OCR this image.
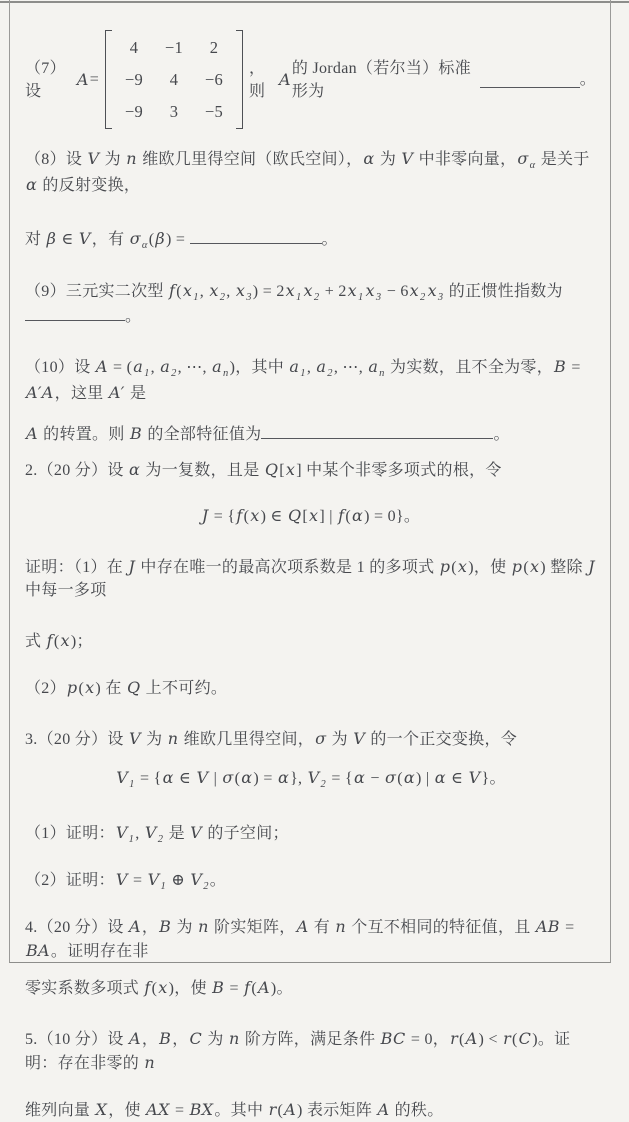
（7）设
A =
4	−1	2
−9	4	−6
−9	3	−5
，则
A
的 Jordan（若尔当）标准形为
。

（8）设 V 为 n 维欧几里得空间（欧氏空间），α 为 V 中非零向量，$\sigma_\alpha$ 是关于 α 的反射变换，

对 β ∈ V，有 $\sigma_\alpha(\beta)$ =	。

（9）三元实二次型 $f(x_1$, $x_2$, $x_3) = 2x_1$ $x_2 + 2x_1$ $x_3 - 6x_2$ $x_3$ 的正惯性指数为。

（10）设 $A = (a_1$, $a_2$, ⋯, $a_n$)，其中 $a_1$, $a_2$, ⋯, $a_n$ 为实数，且不全为零，B = A′A，这里 A′ 是

A 的转置。则 B 的全部特征值为	。

2.（20 分）设 α 为一复数，且是 Q[x] 中某个非零多项式的根，令

J = {f(x) ∈ Q[x] | f(α) = 0}。

证明：（1）在 J 中存在唯一的最高次项系数是 1 的多项式 p(x)，使 p(x) 整除 J 中每一多项

式 f(x)；

（2）p(x) 在 Q 上不可约。

3.（20 分）设 V 为 n 维欧几里得空间，σ 为 V 的一个正交变换，令

$V_1 = \{\alpha$ ∈ V | σ(α) = α}, $V_2 = \{\alpha - \sigma(\alpha)$ | α ∈ V}。

（1）证明：$V_1$, $V_2$ 是 V 的子空间；

（2）证明：$V = V_1$ ⊕ $V_2$。

4.（20 分）设 A，B 为 n 阶实矩阵，A 有 n 个互不相同的特征值，且 AB = BA。证明存在非

零实系数多项式 f(x)，使 B = f(A)。

5.（10 分）设 A，B，C 为 n 阶方阵，满足条件 BC = 0，r(A) < r(C)。证明：存在非零的 n

维列向量 X，使 AX = BX。其中 r(A) 表示矩阵 A 的秩。
